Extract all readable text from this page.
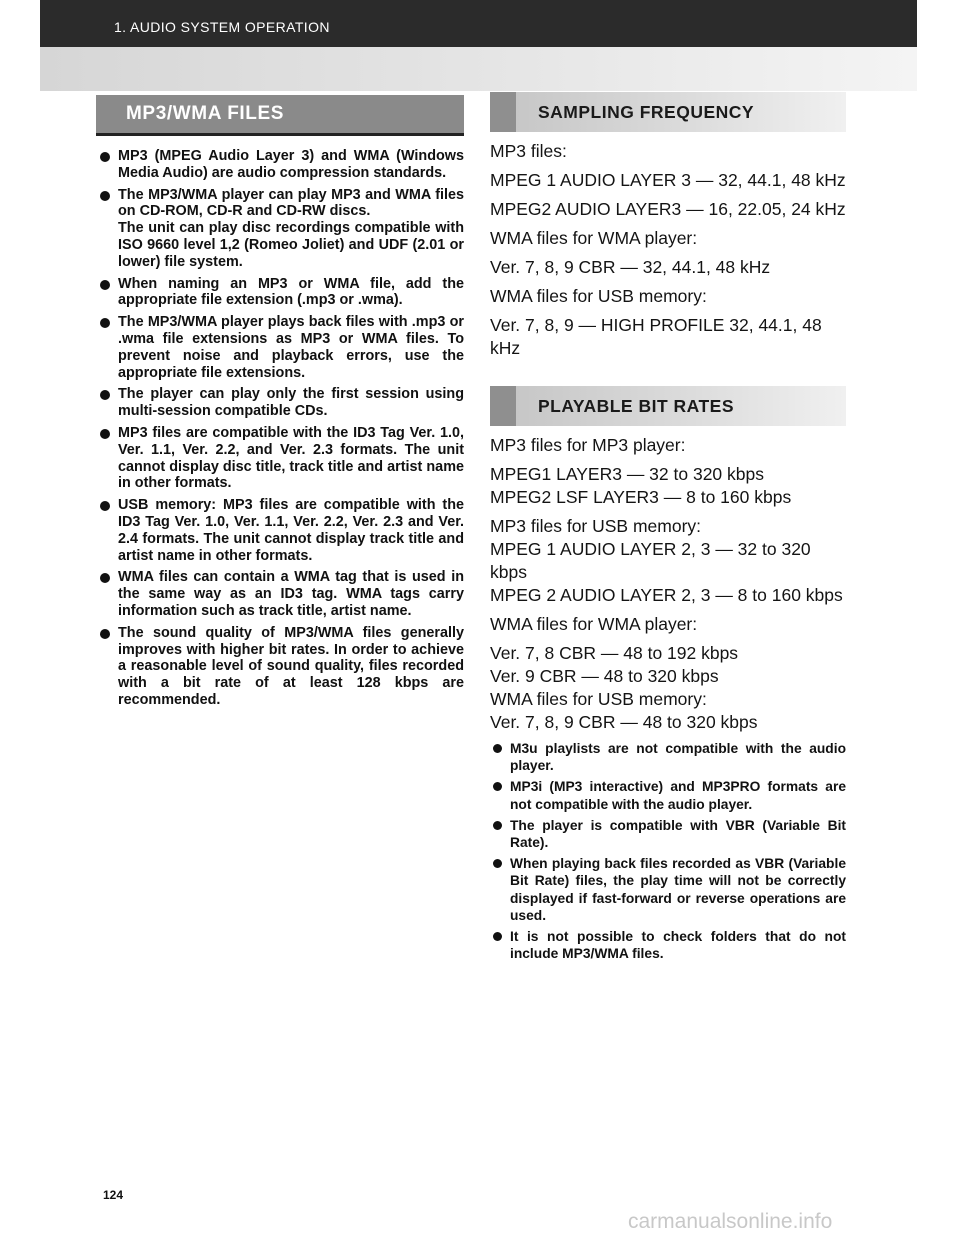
1. AUDIO SYSTEM OPERATION
MP3/WMA FILES
MP3 (MPEG Audio Layer 3) and WMA (Windows Media Audio) are audio compression standards.
The MP3/WMA player can play MP3 and WMA files on CD-ROM, CD-R and CD-RW discs.
The unit can play disc recordings compatible with ISO 9660 level 1,2 (Romeo Joliet) and UDF (2.01 or lower) file system.
When naming an MP3 or WMA file, add the appropriate file extension (.mp3 or .wma).
The MP3/WMA player plays back files with .mp3 or .wma file extensions as MP3 or WMA files. To prevent noise and playback errors, use the appropriate file extensions.
The player can play only the first session using multi-session compatible CDs.
MP3 files are compatible with the ID3 Tag Ver. 1.0, Ver. 1.1, Ver. 2.2, and Ver. 2.3 formats. The unit cannot display disc title, track title and artist name in other formats.
USB memory: MP3 files are compatible with the ID3 Tag Ver. 1.0, Ver. 1.1, Ver. 2.2, Ver. 2.3 and Ver. 2.4 formats. The unit cannot display track title and artist name in other formats.
WMA files can contain a WMA tag that is used in the same way as an ID3 tag. WMA tags carry information such as track title, artist name.
The sound quality of MP3/WMA files generally improves with higher bit rates. In order to achieve a reasonable level of sound quality, files recorded with a bit rate of at least 128 kbps are recommended.
SAMPLING FREQUENCY
MP3 files:
MPEG 1 AUDIO LAYER 3 — 32, 44.1, 48 kHz
MPEG2 AUDIO LAYER3 — 16, 22.05, 24 kHz
WMA files for WMA player:
Ver. 7, 8, 9 CBR — 32, 44.1, 48 kHz
WMA files for USB memory:
Ver. 7, 8, 9 — HIGH PROFILE 32, 44.1, 48 kHz
PLAYABLE BIT RATES
MP3 files for MP3 player:
MPEG1 LAYER3 — 32 to 320 kbps
MPEG2 LSF LAYER3 — 8 to 160 kbps
MP3 files for USB memory:
MPEG 1 AUDIO LAYER 2, 3 — 32 to 320 kbps
MPEG 2 AUDIO LAYER 2, 3 — 8 to 160 kbps
WMA files for WMA player:
Ver. 7, 8 CBR — 48 to 192 kbps
Ver. 9 CBR — 48 to 320 kbps
WMA files for USB memory:
Ver. 7, 8, 9 CBR — 48 to 320 kbps
M3u playlists are not compatible with the audio player.
MP3i (MP3 interactive) and MP3PRO formats are not compatible with the audio player.
The player is compatible with VBR (Variable Bit Rate).
When playing back files recorded as VBR (Variable Bit Rate) files, the play time will not be correctly displayed if fast-forward or reverse operations are used.
It is not possible to check folders that do not include MP3/WMA files.
124
carmanualsonline.info
